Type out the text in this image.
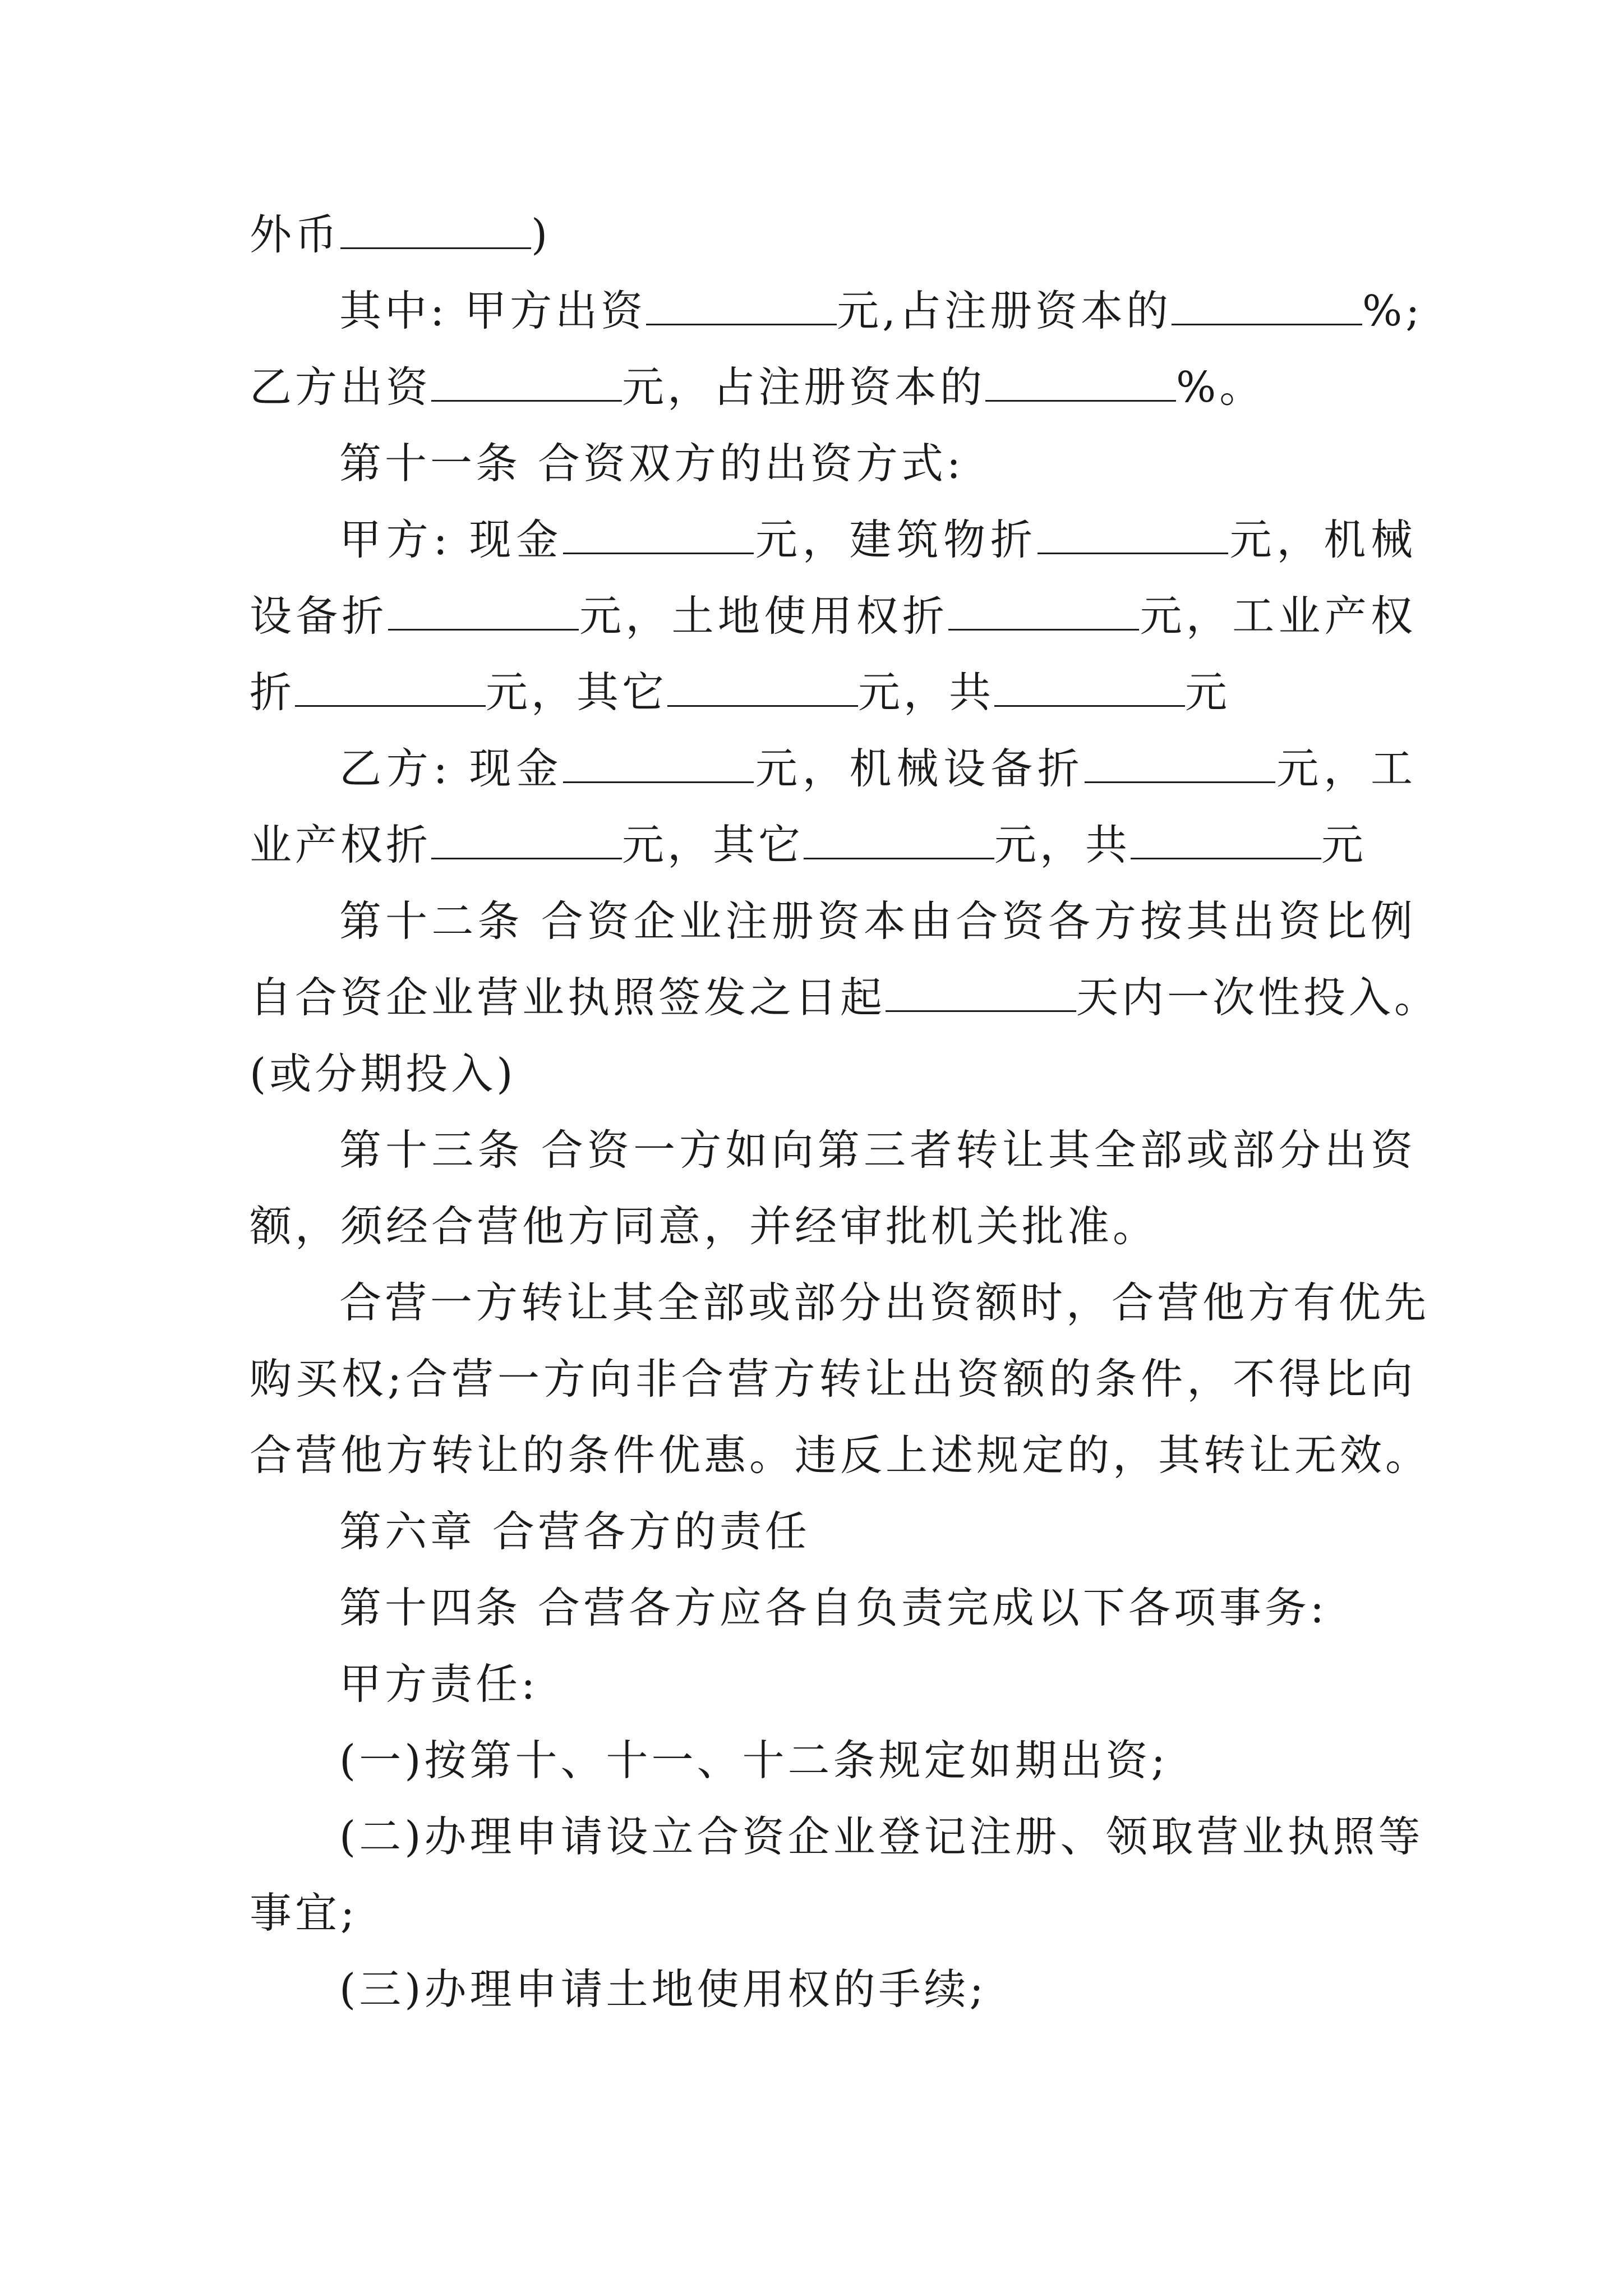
外币	)
其中: 甲方出资	元,占注册资本的	%;
乙方出资	元，占注册资本的	%。
第十一条 合资双方的出资方式:
甲方: 现金	元，建筑物折	元，机械
设备折	元，土地使用权折	元，工业产权
折	元，其它	元，共	元
乙方: 现金	元，机械设备折	元，工
业产权折	元，其它	元，共	元
第十二条 合资企业注册资本由合资各方按其出资比例
自合资企业营业执照签发之日起	天内一次性投入。
(或分期投入)
第十三条 合资一方如向第三者转让其全部或部分出资
额，须经合营他方同意，并经审批机关批准。
合营一方转让其全部或部分出资额时，合营他方有优先
购买权;合营一方向非合营方转让出资额的条件，不得比向
合营他方转让的条件优惠。违反上述规定的，其转让无效。
第六章 合营各方的责任
第十四条 合营各方应各自负责完成以下各项事务:
甲方责任:
(一)按第十、十一、十二条规定如期出资;
(二)办理申请设立合资企业登记注册、领取营业执照等
事宜;
(三)办理申请土地使用权的手续;
